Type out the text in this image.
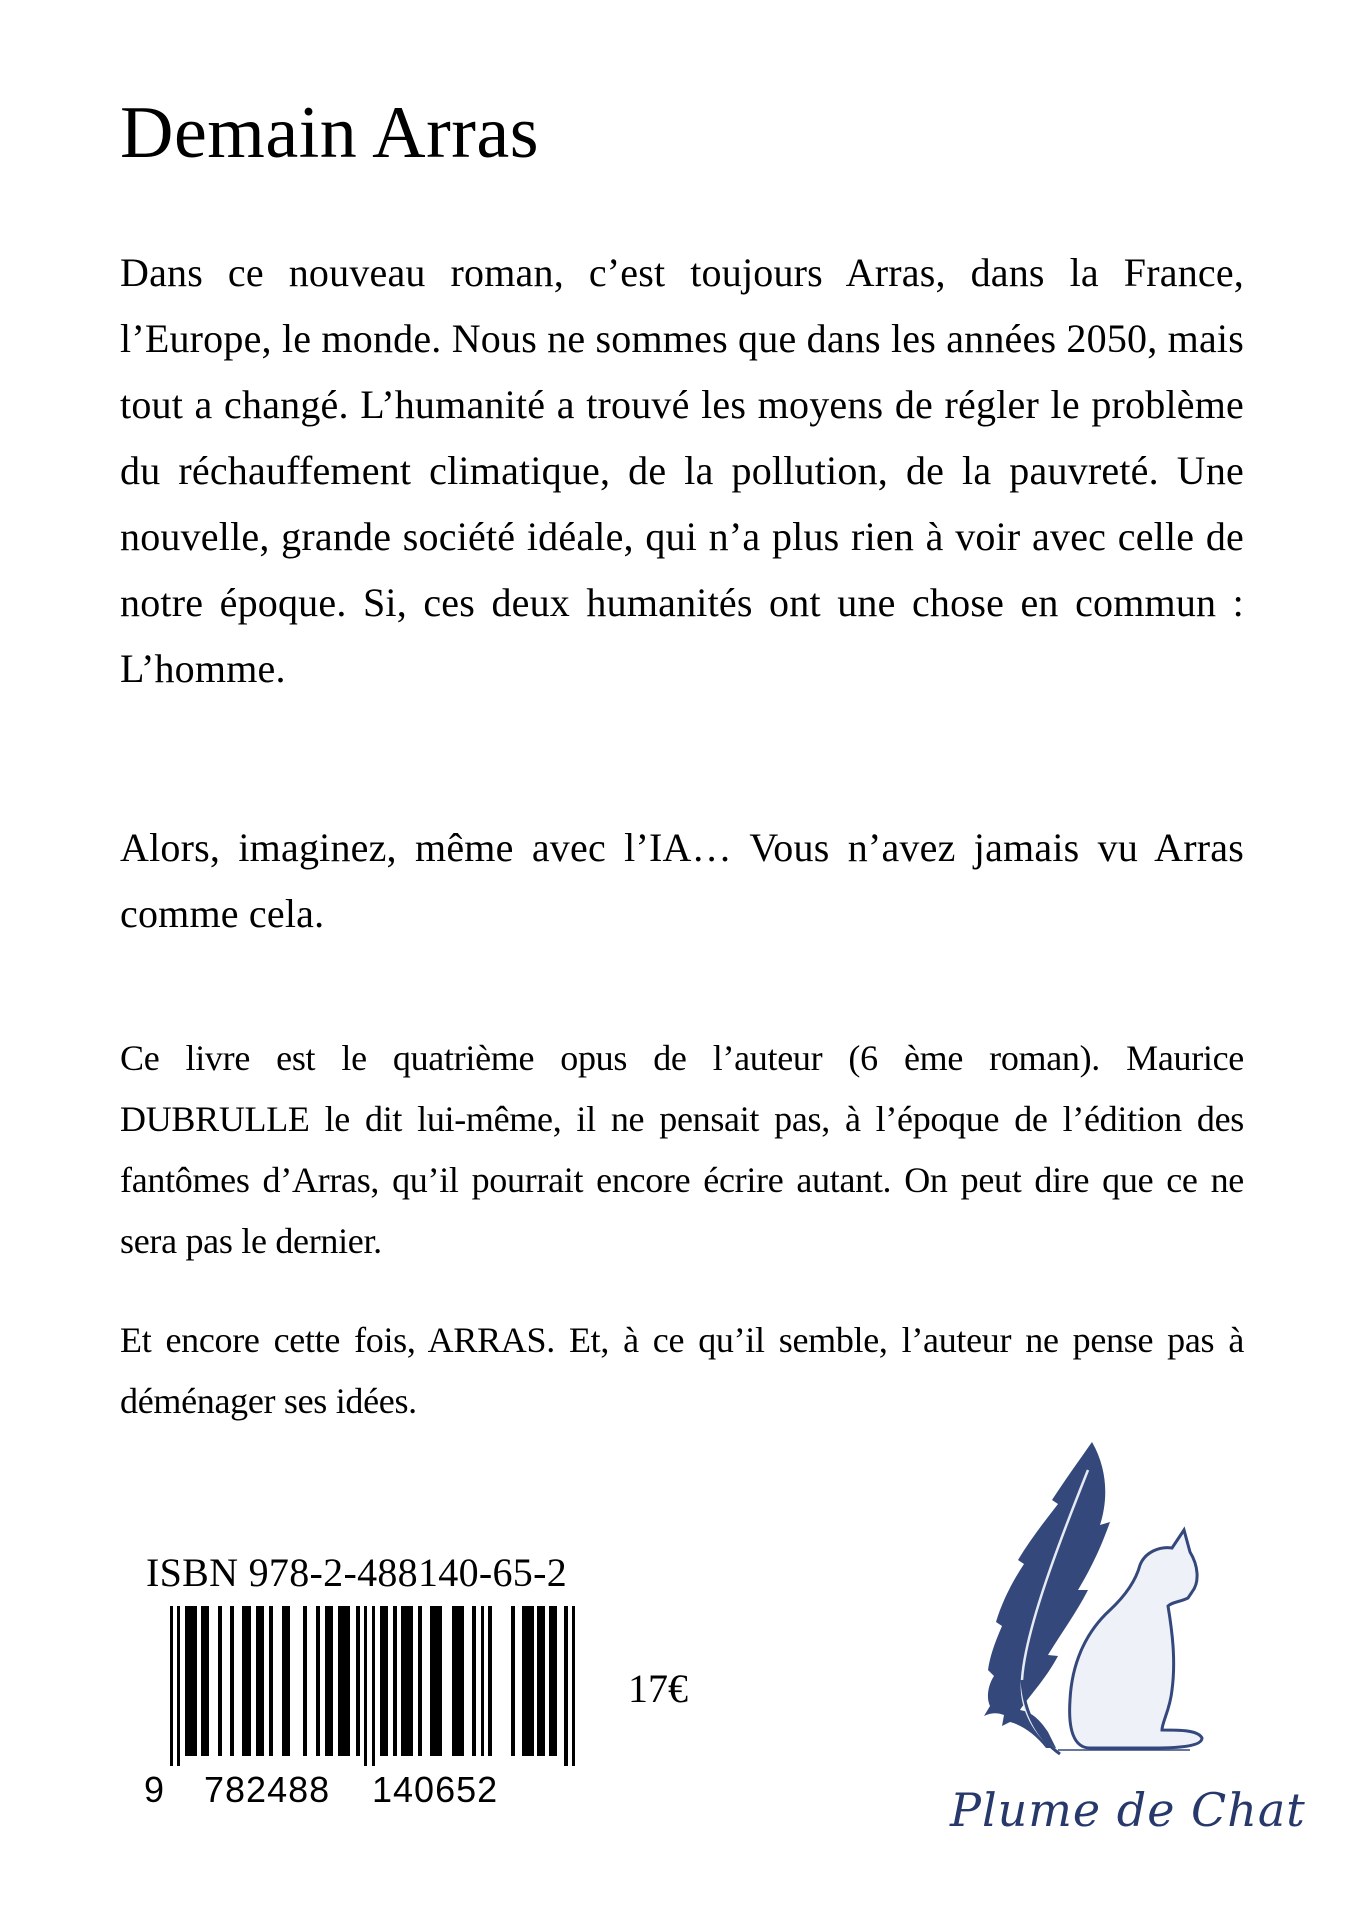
Demain Arras

Dans ce nouveau roman, c’est toujours Arras, dans la France, l’Europe, le monde. Nous ne sommes que dans les années 2050, mais tout a changé. L’humanité a trouvé les moyens de régler le problème du réchauffement climatique, de la pollution, de la pauvreté. Une nouvelle, grande société idéale, qui n’a plus rien à voir avec celle de notre époque. Si, ces deux humanités ont une chose en commun : L’homme.

Alors, imaginez, même avec l’IA… Vous n’avez jamais vu Arras comme cela.

Ce livre est le quatrième opus de l’auteur (6 ème roman). Maurice DUBRULLE le dit lui-même, il ne pensait pas, à l’époque de l’édition des fantômes d’Arras, qu’il pourrait encore écrire autant. On peut dire que ce ne sera pas le dernier.

Et encore cette fois, ARRAS. Et, à ce qu’il semble, l’auteur ne pense pas à déménager ses idées.

ISBN 978-2-488140-65-2
9 782488 140652
17€
Plume de Chat
